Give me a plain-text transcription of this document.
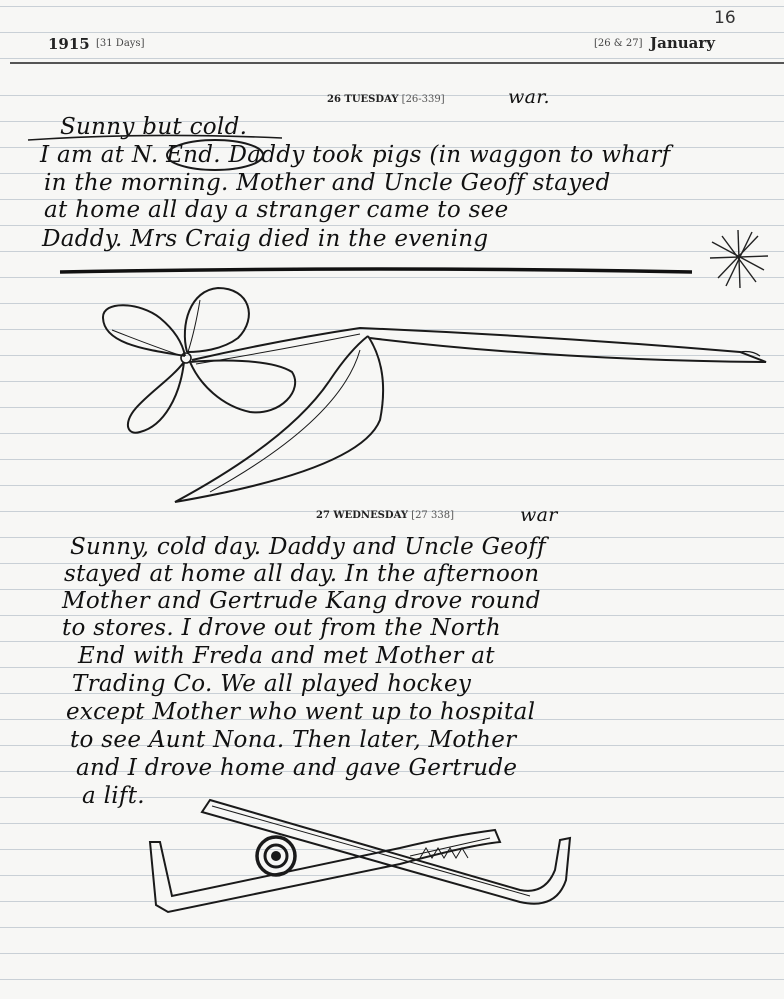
1915 [31 Days]	[26 & 27] January
16
26 TUESDAY [26-339]	war.
Sunny but cold.
I am at N. End. Daddy took pigs (in waggon to wharf
in the morning. Mother and Uncle Geoff stayed
at home all day a stranger came to see
Daddy. Mrs Craig died in the evening
27 WEDNESDAY [27 338]	war
Sunny, cold day. Daddy and Uncle Geoff
stayed at home all day. In the afternoon
Mother and Gertrude Kang drove round
to stores. I drove out from the North
End with Freda and met Mother at
Trading Co. We all played hockey
except Mother who went up to hospital
to see Aunt Nona. Then later, Mother
and I drove home and gave Gertrude
a lift.
